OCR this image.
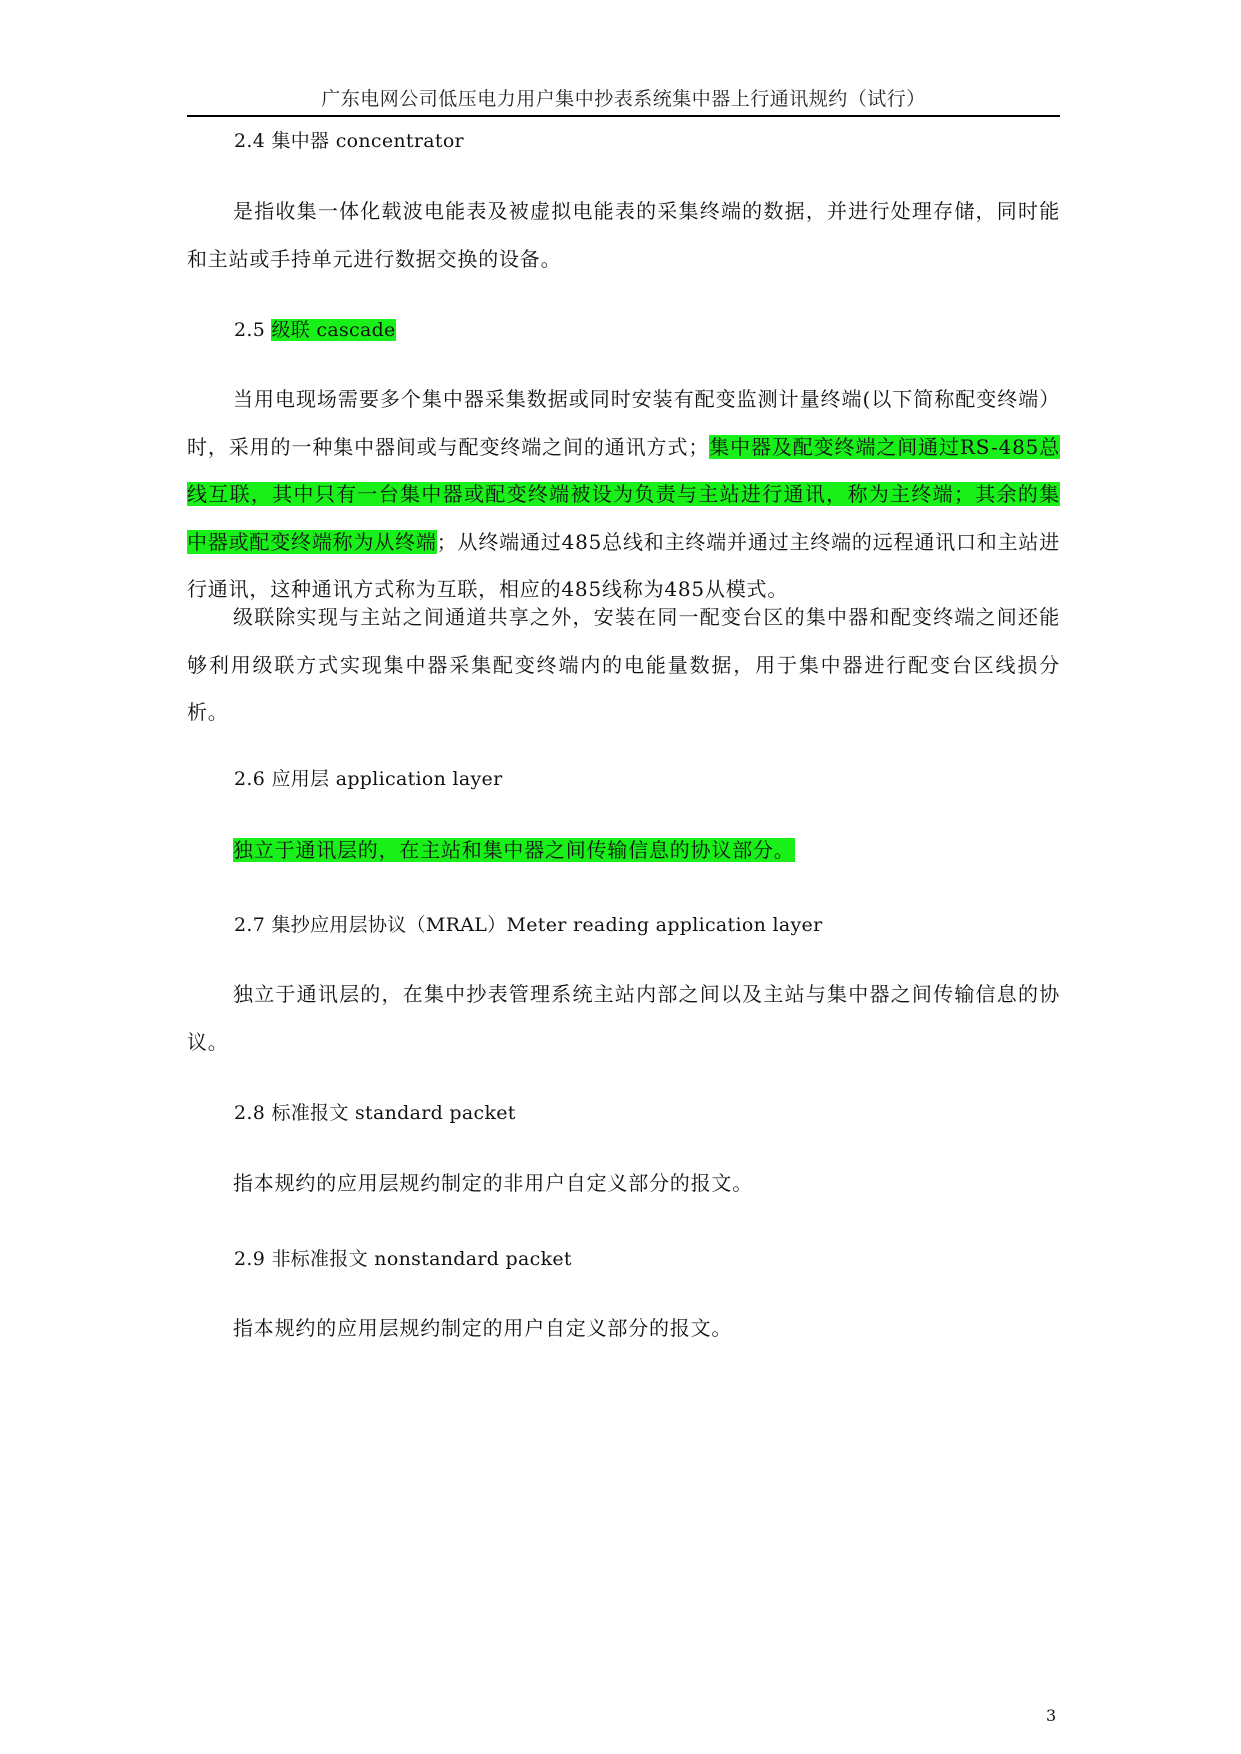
广东电网公司低压电力用户集中抄表系统集中器上行通讯规约（试行）
2.4 集中器 concentrator
是指收集一体化载波电能表及被虚拟电能表的采集终端的数据，并进行处理存储，同时能和主站或手持单元进行数据交换的设备。
2.5 级联 cascade
当用电现场需要多个集中器采集数据或同时安装有配变监测计量终端(以下简称配变终端）时，采用的一种集中器间或与配变终端之间的通讯方式；集中器及配变终端之间通过RS-485总线互联，其中只有一台集中器或配变终端被设为负责与主站进行通讯，称为主终端；其余的集中器或配变终端称为从终端；从终端通过485总线和主终端并通过主终端的远程通讯口和主站进行通讯，这种通讯方式称为互联，相应的485线称为485从模式。
级联除实现与主站之间通道共享之外，安装在同一配变台区的集中器和配变终端之间还能够利用级联方式实现集中器采集配变终端内的电能量数据，用于集中器进行配变台区线损分析。
2.6 应用层 application layer
独立于通讯层的，在主站和集中器之间传输信息的协议部分。
2.7 集抄应用层协议（MRAL）Meter reading application layer
独立于通讯层的，在集中抄表管理系统主站内部之间以及主站与集中器之间传输信息的协议。
2.8 标准报文 standard packet
指本规约的应用层规约制定的非用户自定义部分的报文。
2.9 非标准报文 nonstandard packet
指本规约的应用层规约制定的用户自定义部分的报文。
3
